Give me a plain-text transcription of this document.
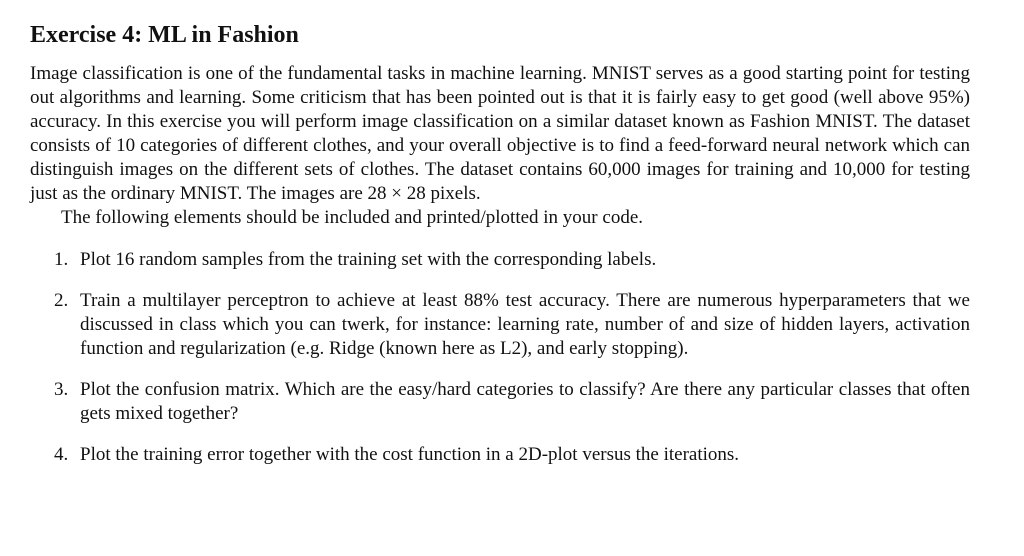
Exercise 4: ML in Fashion

Image classification is one of the fundamental tasks in machine learning. MNIST serves as a good starting point for testing out algorithms and learning. Some criticism that has been pointed out is that it is fairly easy to get good (well above 95%) accuracy. In this exercise you will perform image classification on a similar dataset known as Fashion MNIST. The dataset consists of 10 categories of different clothes, and your overall objective is to find a feed-forward neural network which can distinguish images on the different sets of clothes. The dataset contains 60,000 images for training and 10,000 for testing just as the ordinary MNIST. The images are 28 × 28 pixels.

The following elements should be included and printed/plotted in your code.

1. Plot 16 random samples from the training set with the corresponding labels.
2. Train a multilayer perceptron to achieve at least 88% test accuracy. There are numerous hyperparameters that we discussed in class which you can twerk, for instance: learning rate, number of and size of hidden layers, activation function and regularization (e.g. Ridge (known here as L2), and early stopping).
3. Plot the confusion matrix. Which are the easy/hard categories to classify? Are there any particular classes that often gets mixed together?
4. Plot the training error together with the cost function in a 2D-plot versus the iterations.
